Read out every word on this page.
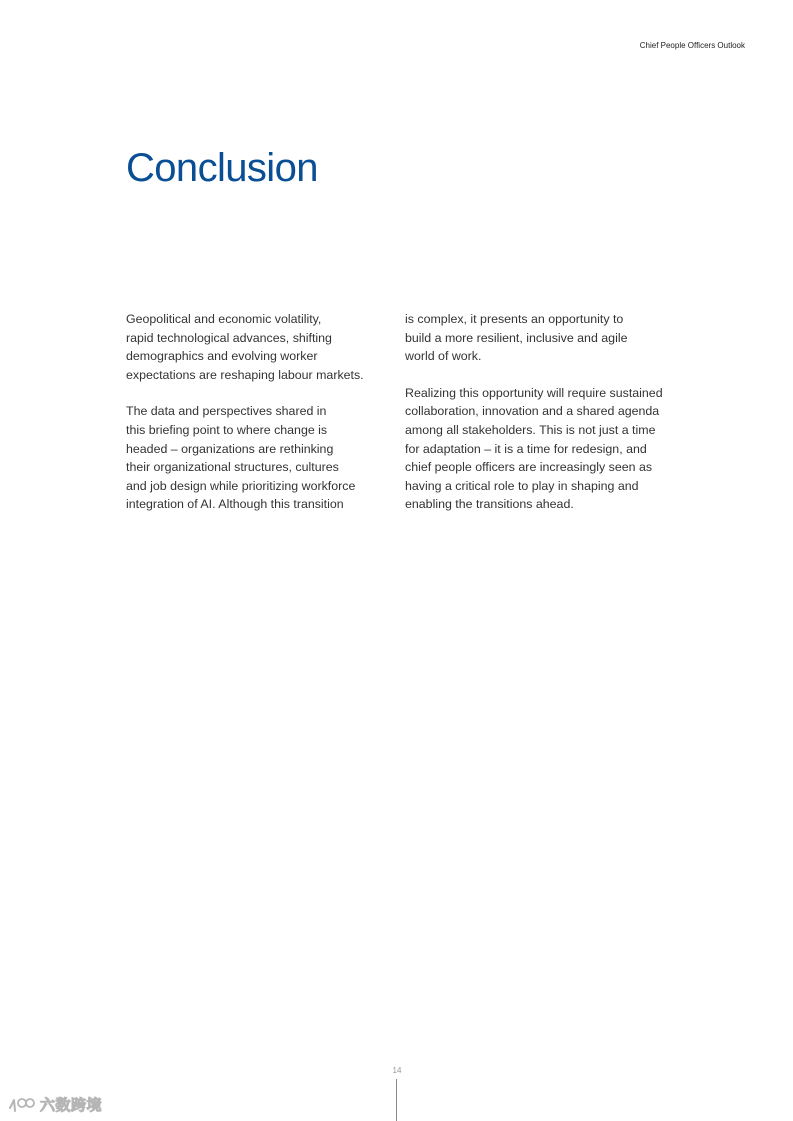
Chief People Officers Outlook
Conclusion

Geopolitical and economic volatility,
rapid technological advances, shifting
demographics and evolving worker
expectations are reshaping labour markets.

The data and perspectives shared in
this briefing point to where change is
headed – organizations are rethinking
their organizational structures, cultures
and job design while prioritizing workforce
integration of AI. Although this transition

is complex, it presents an opportunity to
build a more resilient, inclusive and agile
world of work.

Realizing this opportunity will require sustained
collaboration, innovation and a shared agenda
among all stakeholders. This is not just a time
for adaptation – it is a time for redesign, and
chief people officers are increasingly seen as
having a critical role to play in shaping and
enabling the transitions ahead.

14
六数跨境
